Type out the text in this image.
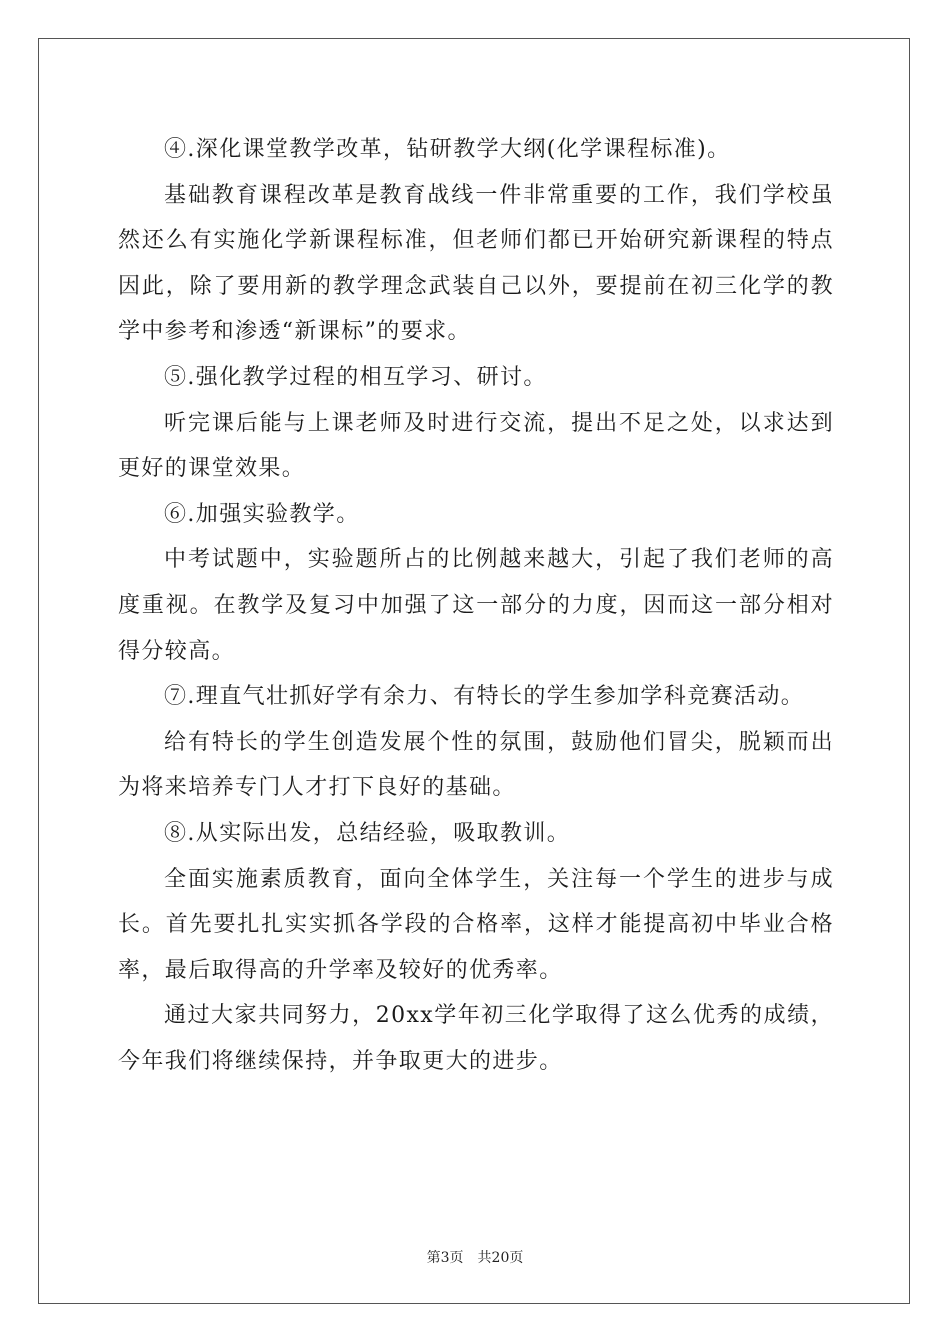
④.深化课堂教学改革，钻研教学大纲(化学课程标准)。

基础教育课程改革是教育战线一件非常重要的工作，我们学校虽然还么有实施化学新课程标准，但老师们都已开始研究新课程的特点因此，除了要用新的教学理念武装自己以外，要提前在初三化学的教学中参考和渗透“新课标”的要求。

⑤.强化教学过程的相互学习、研讨。

听完课后能与上课老师及时进行交流，提出不足之处，以求达到更好的课堂效果。

⑥.加强实验教学。

中考试题中，实验题所占的比例越来越大，引起了我们老师的高度重视。在教学及复习中加强了这一部分的力度，因而这一部分相对得分较高。

⑦.理直气壮抓好学有余力、有特长的学生参加学科竞赛活动。

给有特长的学生创造发展个性的氛围，鼓励他们冒尖，脱颖而出为将来培养专门人才打下良好的基础。

⑧.从实际出发，总结经验，吸取教训。

全面实施素质教育，面向全体学生，关注每一个学生的进步与成长。首先要扎扎实实抓各学段的合格率，这样才能提高初中毕业合格率，最后取得高的升学率及较好的优秀率。

通过大家共同努力，20xx学年初三化学取得了这么优秀的成绩，今年我们将继续保持，并争取更大的进步。

第3页 共20页
